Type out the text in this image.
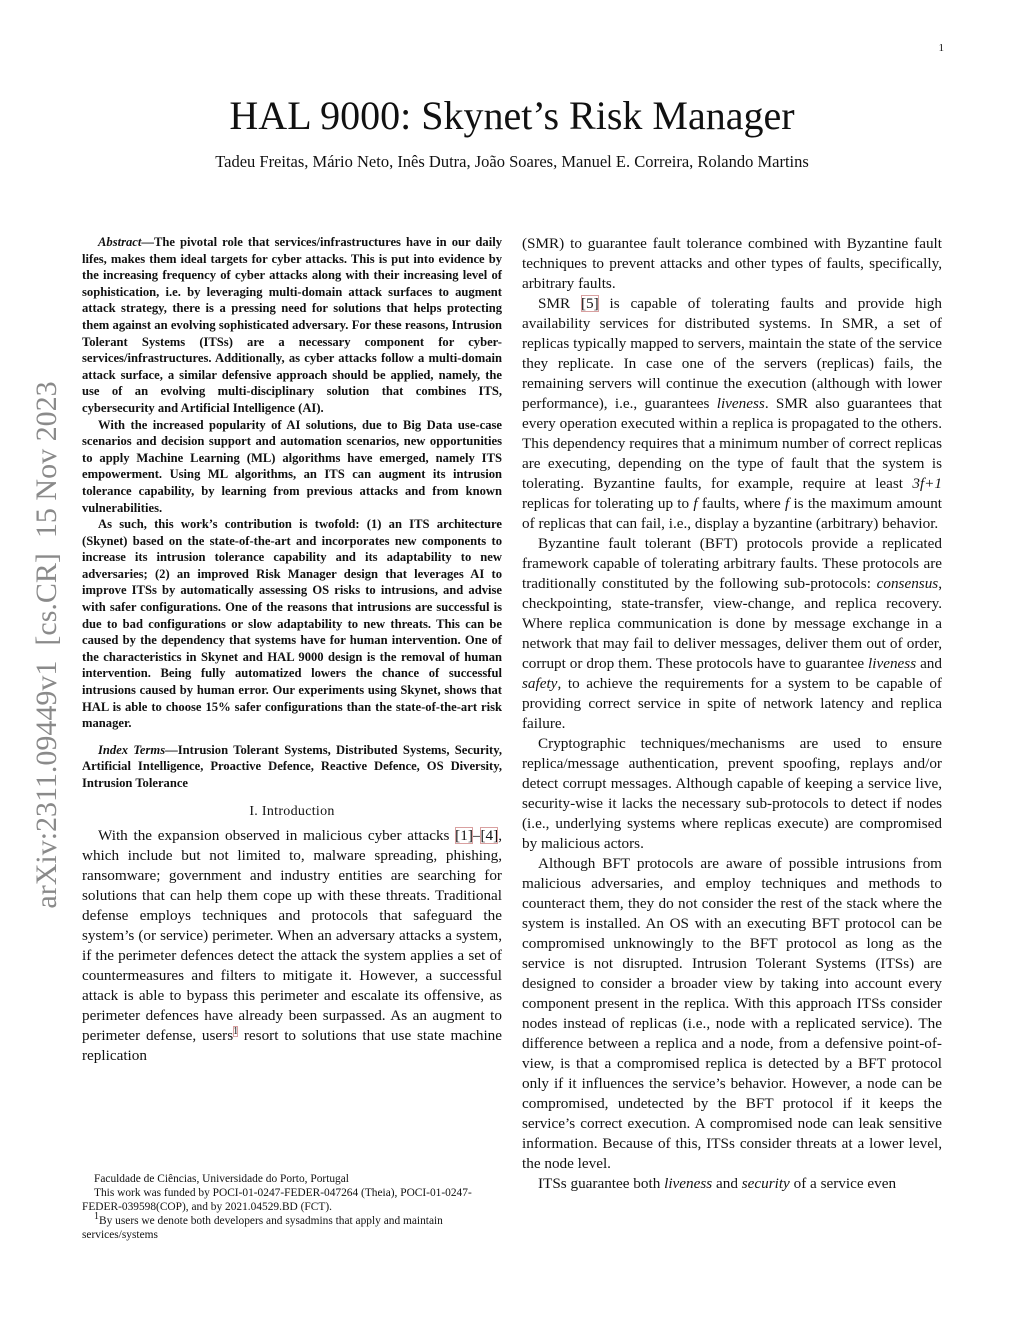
1
arXiv:2311.09449v1  [cs.CR]  15 Nov 2023
HAL 9000: Skynet’s Risk Manager
Tadeu Freitas, Mário Neto, Inês Dutra, João Soares, Manuel E. Correira, Rolando Martins

Abstract—The pivotal role that services/infrastructures have in our daily lifes, makes them ideal targets for cyber attacks. This is put into evidence by the increasing frequency of cyber attacks along with their increasing level of sophistication, i.e. by leveraging multi-domain attack surfaces to augment attack strategy, there is a pressing need for solutions that helps protecting them against an evolving sophisticated adversary. For these reasons, Intrusion Tolerant Systems (ITSs) are a necessary component for cyber-services/infrastructures. Additionally, as cyber attacks follow a multi-domain attack surface, a similar defensive approach should be applied, namely, the use of an evolving multi-disciplinary solution that combines ITS, cybersecurity and Artificial Intelligence (AI).

With the increased popularity of AI solutions, due to Big Data use-case scenarios and decision support and automation scenarios, new opportunities to apply Machine Learning (ML) algorithms have emerged, namely ITS empowerment. Using ML algorithms, an ITS can augment its intrusion tolerance capability, by learning from previous attacks and from known vulnerabilities.

As such, this work’s contribution is twofold: (1) an ITS architecture (Skynet) based on the state-of-the-art and incorporates new components to increase its intrusion tolerance capability and its adaptability to new adversaries; (2) an improved Risk Manager design that leverages AI to improve ITSs by automatically assessing OS risks to intrusions, and advise with safer configurations. One of the reasons that intrusions are successful is due to bad configurations or slow adaptability to new threats. This can be caused by the dependency that systems have for human intervention. One of the characteristics in Skynet and HAL 9000 design is the removal of human intervention. Being fully automatized lowers the chance of successful intrusions caused by human error. Our experiments using Skynet, shows that HAL is able to choose 15% safer configurations than the state-of-the-art risk manager.

Index Terms—Intrusion Tolerant Systems, Distributed Systems, Security, Artificial Intelligence, Proactive Defence, Reactive Defence, OS Diversity, Intrusion Tolerance
I. Introduction

With the expansion observed in malicious cyber attacks [1]–[4], which include but not limited to, malware spreading, phishing, ransomware; government and industry entities are searching for solutions that can help them cope up with these threats. Traditional defense employs techniques and protocols that safeguard the system’s (or service) perimeter. When an adversary attacks a system, if the perimeter defences detect the attack the system applies a set of countermeasures and filters to mitigate it. However, a successful attack is able to bypass this perimeter and escalate its offensive, as perimeter defences have already been surpassed. As an augment to perimeter defense, users$^1$ resort to solutions that use state machine replication

Faculdade de Ciências, Universidade do Porto, Portugal
This work was funded by POCI-01-0247-FEDER-047264 (Theia), POCI-01-0247-FEDER-039598(COP), and by 2021.04529.BD (FCT).
1By users we denote both developers and sysadmins that apply and maintain services/systems

(SMR) to guarantee fault tolerance combined with Byzantine fault techniques to prevent attacks and other types of faults, specifically, arbitrary faults.

SMR [5] is capable of tolerating faults and provide high availability services for distributed systems. In SMR, a set of replicas typically mapped to servers, maintain the state of the service they replicate. In case one of the servers (replicas) fails, the remaining servers will continue the execution (although with lower performance), i.e., guarantees liveness. SMR also guarantees that every operation executed within a replica is propagated to the others. This dependency requires that a minimum number of correct replicas are executing, depending on the type of fault that the system is tolerating. Byzantine faults, for example, require at least 3f+1 replicas for tolerating up to f faults, where f is the maximum amount of replicas that can fail, i.e., display a byzantine (arbitrary) behavior.

Byzantine fault tolerant (BFT) protocols provide a replicated framework capable of tolerating arbitrary faults. These protocols are traditionally constituted by the following sub-protocols: consensus, checkpointing, state-transfer, view-change, and replica recovery. Where replica communication is done by message exchange in a network that may fail to deliver messages, deliver them out of order, corrupt or drop them. These protocols have to guarantee liveness and safety, to achieve the requirements for a system to be capable of providing correct service in spite of network latency and replica failure.

Cryptographic techniques/mechanisms are used to ensure replica/message authentication, prevent spoofing, replays and/or detect corrupt messages. Although capable of keeping a service live, security-wise it lacks the necessary sub-protocols to detect if nodes (i.e., underlying systems where replicas execute) are compromised by malicious actors.

Although BFT protocols are aware of possible intrusions from malicious adversaries, and employ techniques and methods to counteract them, they do not consider the rest of the stack where the system is installed. An OS with an executing BFT protocol can be compromised unknowingly to the BFT protocol as long as the service is not disrupted. Intrusion Tolerant Systems (ITSs) are designed to consider a broader view by taking into account every component present in the replica. With this approach ITSs consider nodes instead of replicas (i.e., node with a replicated service). The difference between a replica and a node, from a defensive point-of-view, is that a compromised replica is detected by a BFT protocol only if it influences the service’s behavior. However, a node can be compromised, undetected by the BFT protocol if it keeps the service’s correct execution. A compromised node can leak sensitive information. Because of this, ITSs consider threats at a lower level, the node level.

ITSs guarantee both liveness and security of a service even
